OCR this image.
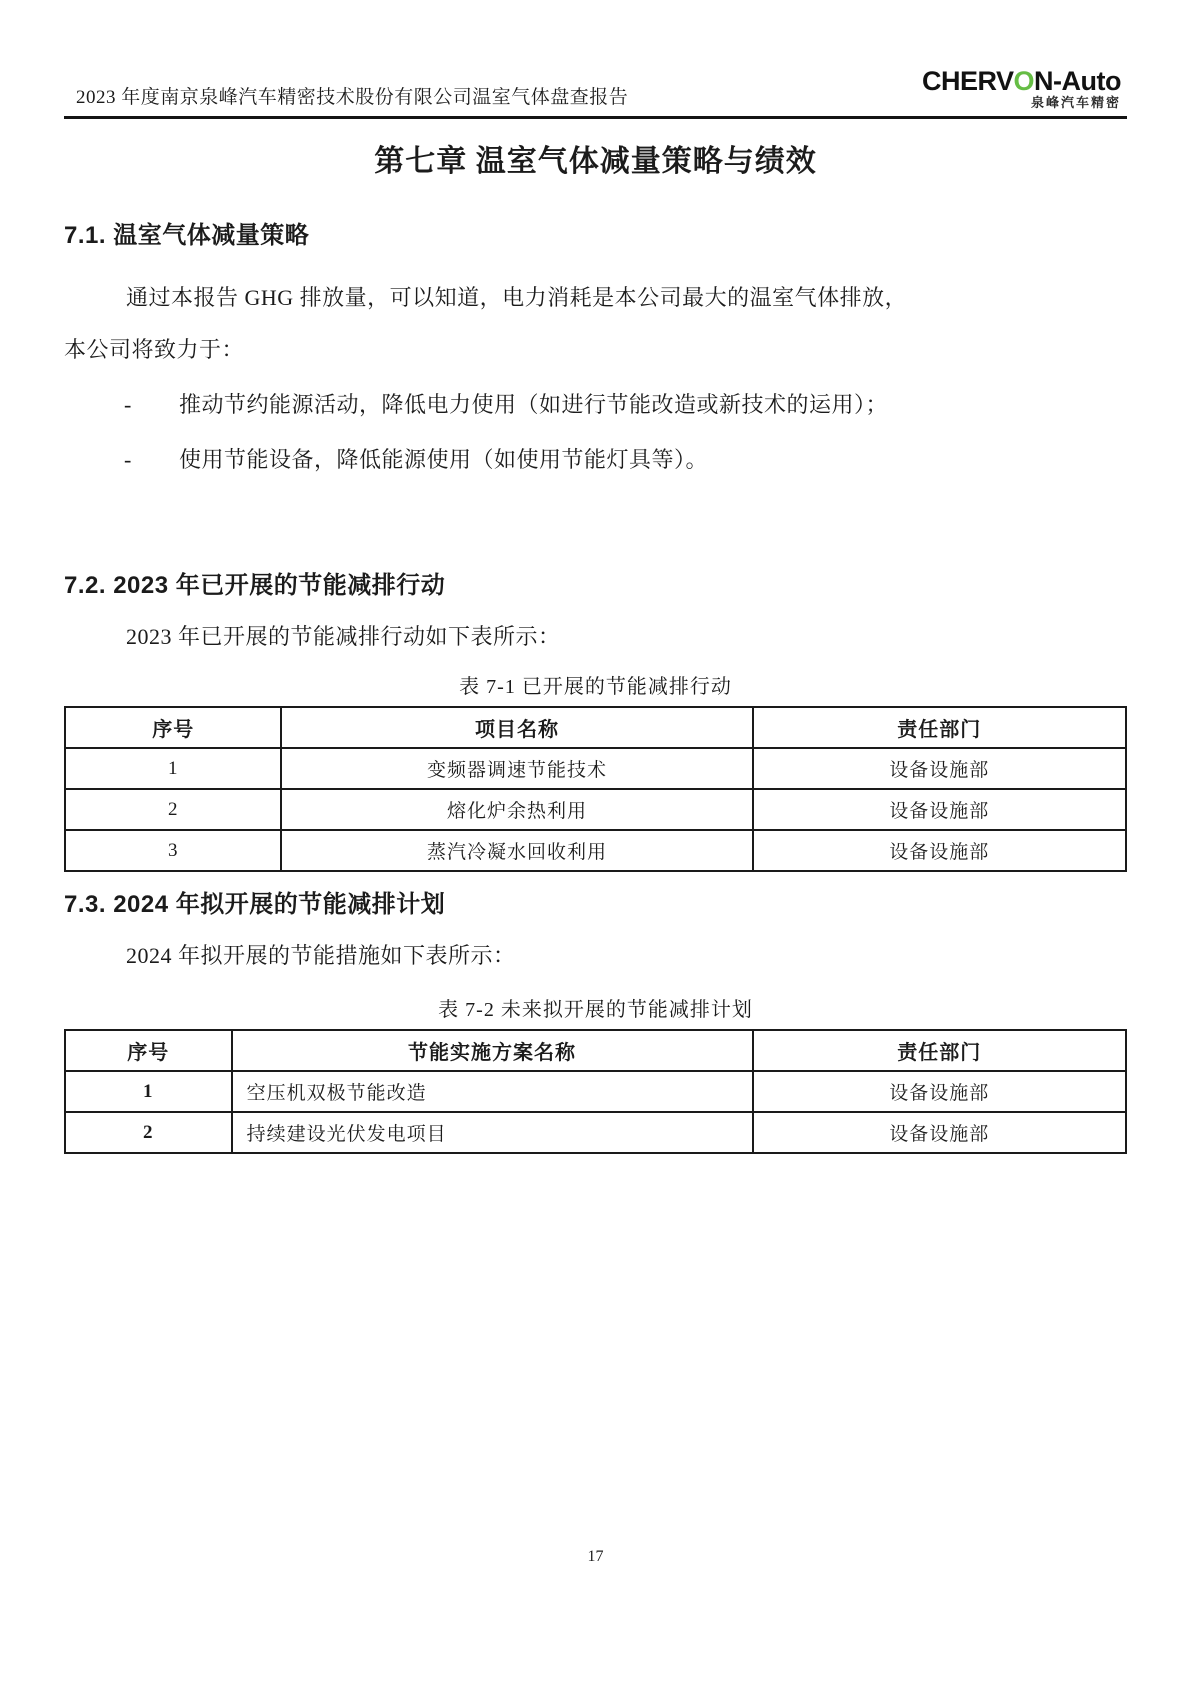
2023 年度南京泉峰汽车精密技术股份有限公司温室气体盘查报告
CHERVON-Auto
泉峰汽车精密
第七章 温室气体减量策略与绩效
7.1. 温室气体减量策略

通过本报告 GHG 排放量，可以知道，电力消耗是本公司最大的温室气体排放，

本公司将致力于：

-	推动节约能源活动，降低电力使用（如进行节能改造或新技术的运用）；
-	使用节能设备，降低能源使用（如使用节能灯具等）。
7.2. 2023 年已开展的节能减排行动

2023 年已开展的节能减排行动如下表所示：

表 7-1 已开展的节能减排行动
序号	项目名称	责任部门
1	变频器调速节能技术	设备设施部
2	熔化炉余热利用	设备设施部
3	蒸汽冷凝水回收利用	设备设施部
7.3. 2024 年拟开展的节能减排计划

2024 年拟开展的节能措施如下表所示：

表 7-2 未来拟开展的节能减排计划
序号	节能实施方案名称	责任部门
1	空压机双极节能改造	设备设施部
2	持续建设光伏发电项目	设备设施部
17
